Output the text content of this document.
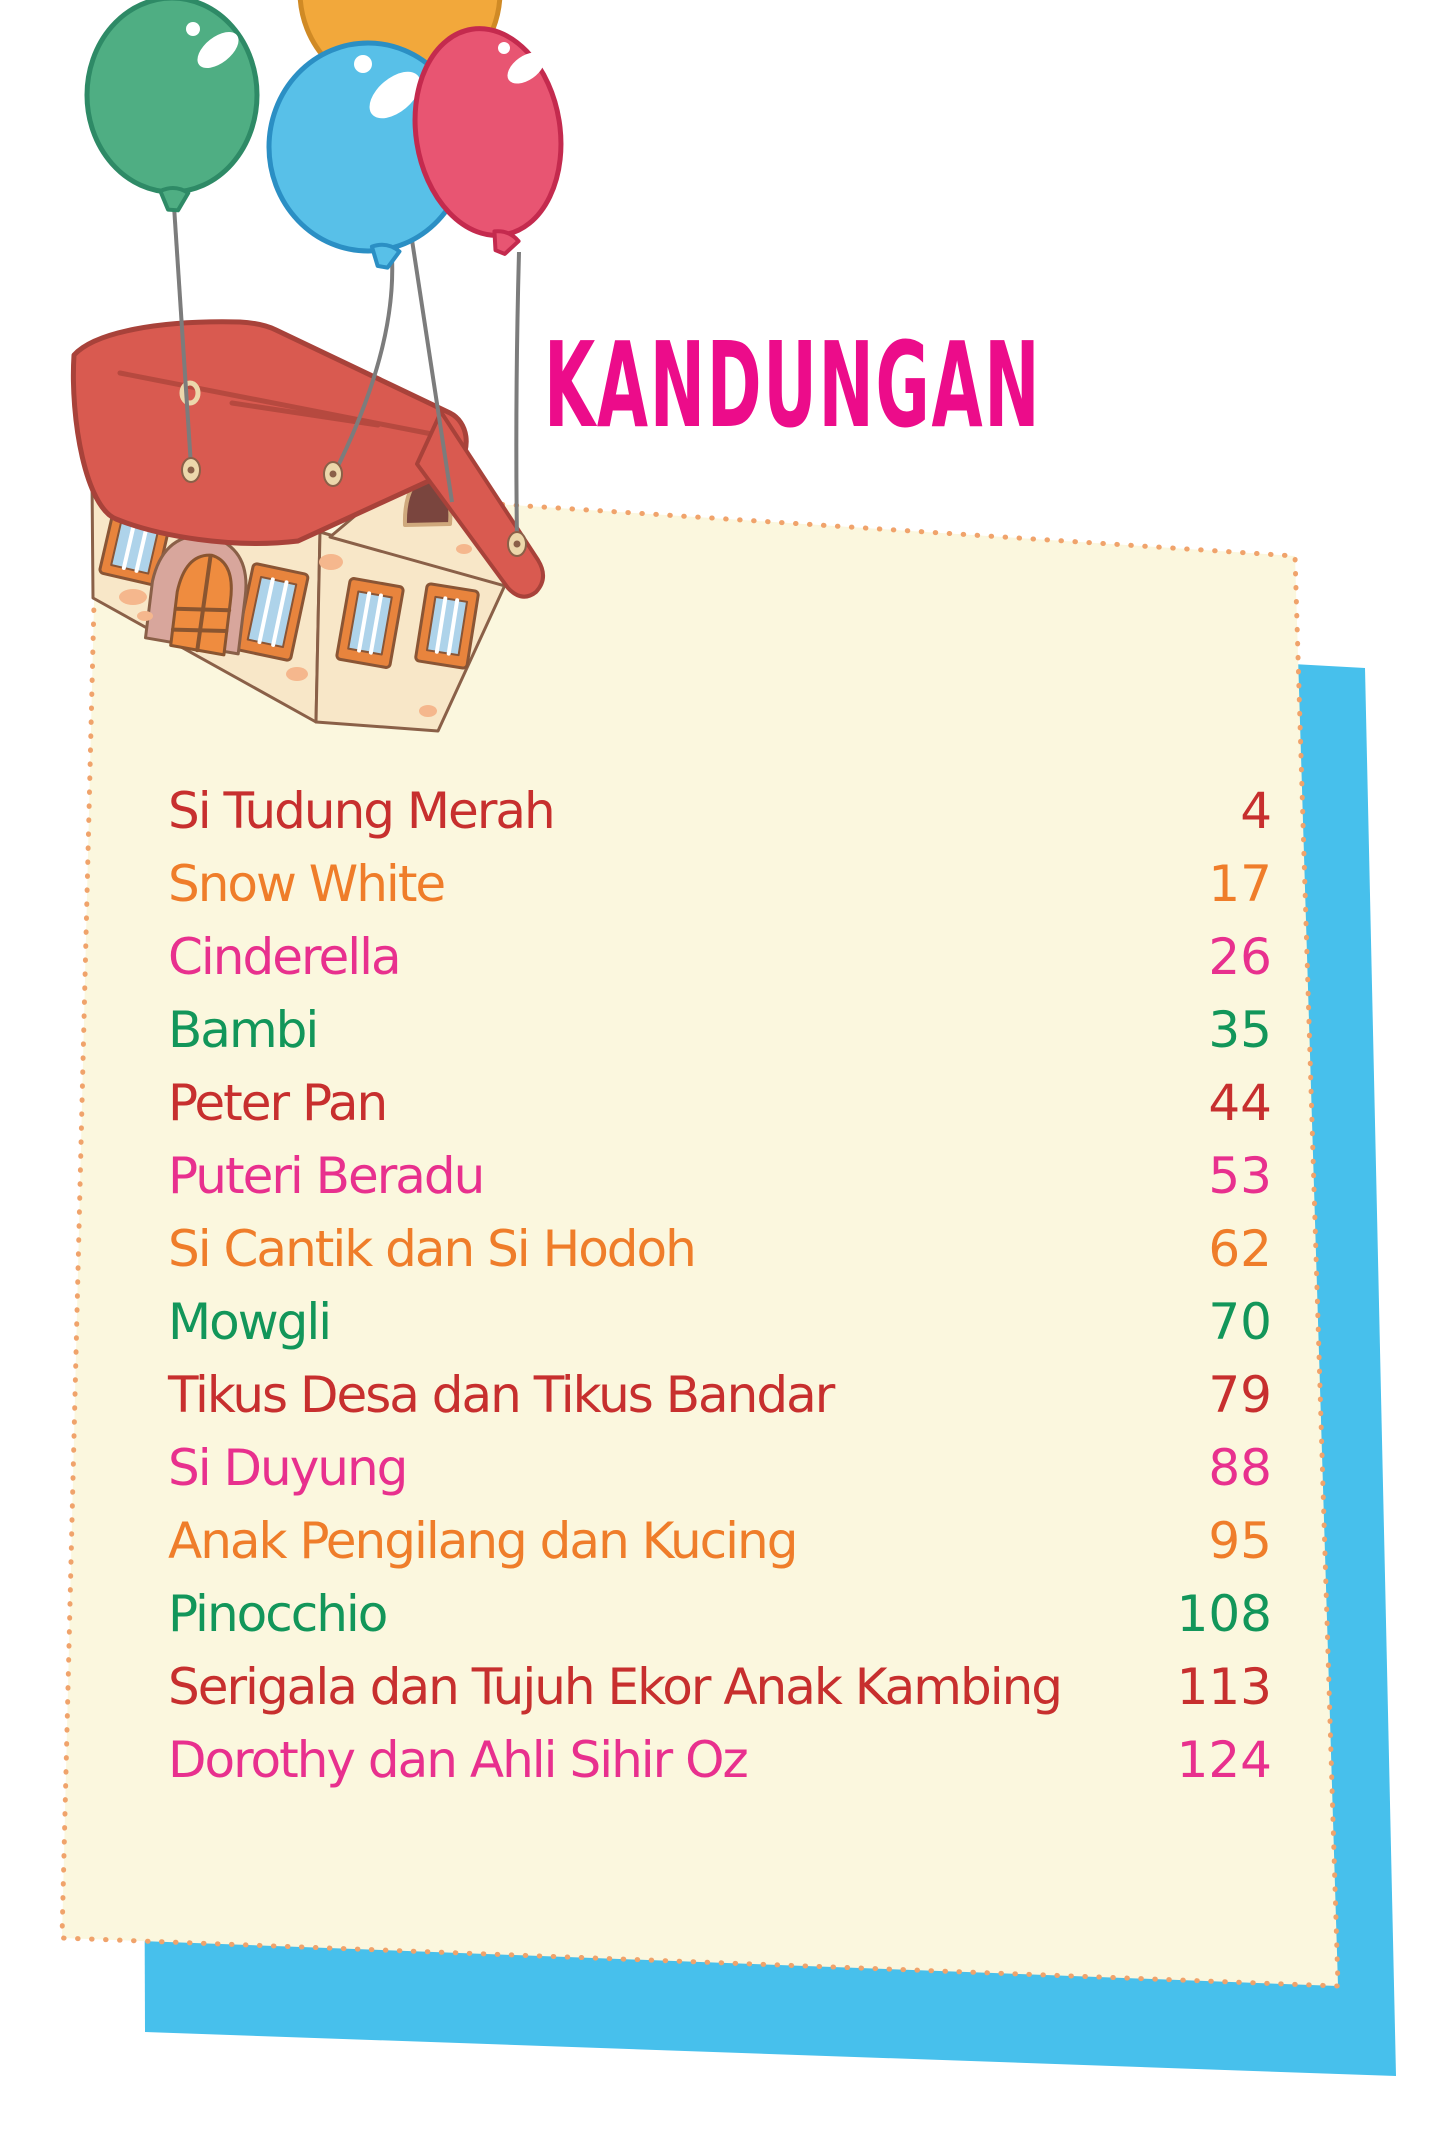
KANDUNGAN
Si Tudung Merah	4
Snow White	17
Cinderella	26
Bambi	35
Peter Pan	44
Puteri Beradu	53
Si Cantik dan Si Hodoh	62
Mowgli	70
Tikus Desa dan Tikus Bandar	79
Si Duyung	88
Anak Pengilang dan Kucing	95
Pinocchio	108
Serigala dan Tujuh Ekor Anak Kambing 113
Dorothy dan Ahli Sihir Oz	124
